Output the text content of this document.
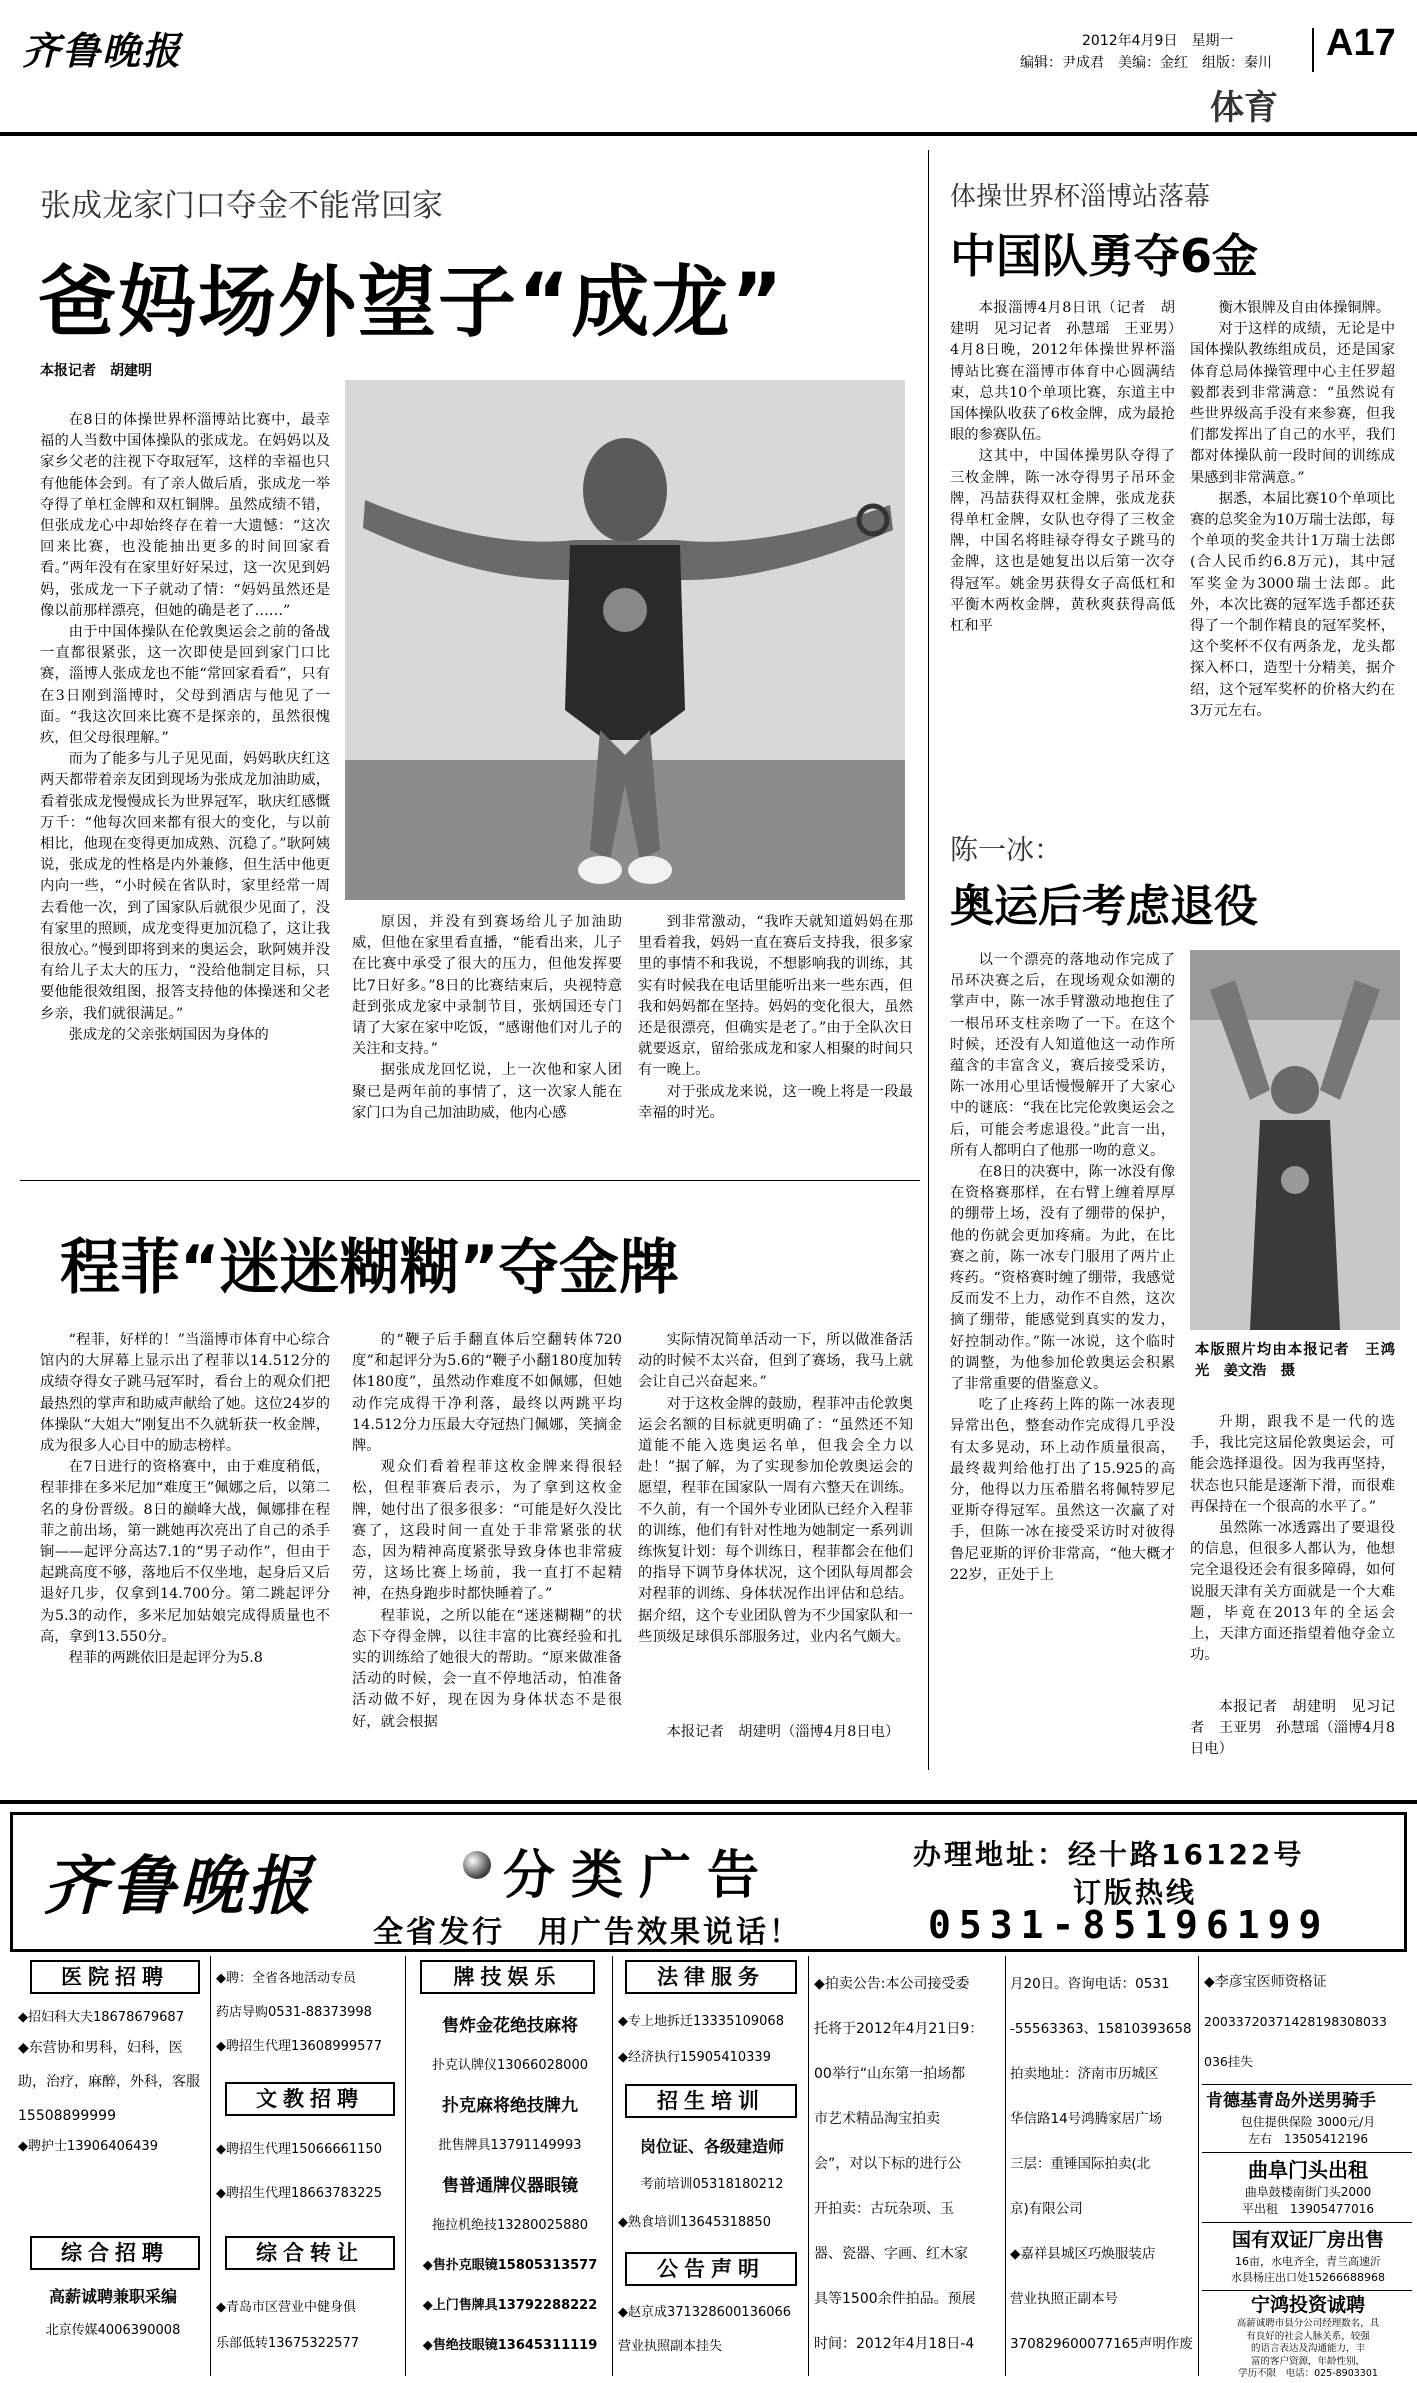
齐鲁晚报	2012年4月9日　星期一
编辑：尹成君　美编：金红　组版：秦川 A17
体育
张成龙家门口夺金不能常回家
爸妈场外望子“成龙”
本报记者　胡建明

在8日的体操世界杯淄博站比赛中，最幸福的人当数中国体操队的张成龙。在妈妈以及家乡父老的注视下夺取冠军，这样的幸福也只有他能体会到。有了亲人做后盾，张成龙一举夺得了单杠金牌和双杠铜牌。虽然成绩不错，但张成龙心中却始终存在着一大遗憾：“这次回来比赛，也没能抽出更多的时间回家看看。”两年没有在家里好好呆过，这一次见到妈妈，张成龙一下子就动了情：“妈妈虽然还是像以前那样漂亮，但她的确是老了……”

由于中国体操队在伦敦奥运会之前的备战一直都很紧张，这一次即使是回到家门口比赛，淄博人张成龙也不能“常回家看看”，只有在3日刚到淄博时，父母到酒店与他见了一面。“我这次回来比赛不是探亲的，虽然很愧疚，但父母很理解。”

而为了能多与儿子见见面，妈妈耿庆红这两天都带着亲友团到现场为张成龙加油助威，看着张成龙慢慢成长为世界冠军，耿庆红感慨万千：“他每次回来都有很大的变化，与以前相比，他现在变得更加成熟、沉稳了。”耿阿姨说，张成龙的性格是内外兼修，但生活中他更内向一些，“小时候在省队时，家里经常一周去看他一次，到了国家队后就很少见面了，没有家里的照顾，成龙变得更加沉稳了，这让我很放心。”慢到即将到来的奥运会，耿阿姨并没有给儿子太大的压力，“没给他制定目标，只要他能很效组图，报答支持他的体操迷和父老乡亲，我们就很满足。”

张成龙的父亲张炳国因为身体的

原因，并没有到赛场给儿子加油助威，但他在家里看直播，“能看出来，儿子在比赛中承受了很大的压力，但他发挥要比7日好多。”8日的比赛结束后，央视特意赶到张成龙家中录制节目，张炳国还专门请了大家在家中吃饭，“感谢他们对儿子的关注和支持。”

据张成龙回忆说，上一次他和家人团聚已是两年前的事情了，这一次家人能在家门口为自己加油助威，他内心感

到非常激动，“我昨天就知道妈妈在那里看着我，妈妈一直在赛后支持我，很多家里的事情不和我说，不想影响我的训练，其实有时候我在电话里能听出来一些东西，但我和妈妈都在坚持。妈妈的变化很大，虽然还是很漂亮，但确实是老了。”由于全队次日就要返京，留给张成龙和家人相聚的时间只有一晚上。

对于张成龙来说，这一晚上将是一段最幸福的时光。

体操世界杯淄博站落幕
中国队勇夺6金

本报淄博4月8日讯（记者　胡建明　见习记者　孙慧瑶　王亚男）4月8日晚，2012年体操世界杯淄博站比赛在淄博市体育中心圆满结束，总共10个单项比赛，东道主中国体操队收获了6枚金牌，成为最抢眼的参赛队伍。

这其中，中国体操男队夺得了三枚金牌，陈一冰夺得男子吊环金牌，冯喆获得双杠金牌，张成龙获得单杠金牌，女队也夺得了三枚金牌，中国名将眭禄夺得女子跳马的金牌，这也是她复出以后第一次夺得冠军。姚金男获得女子高低杠和平衡木两枚金牌，黄秋爽获得高低杠和平

衡木银牌及自由体操铜牌。

对于这样的成绩，无论是中国体操队教练组成员，还是国家体育总局体操管理中心主任罗超毅都表到非常满意：“虽然说有些世界级高手没有来参赛，但我们都发挥出了自己的水平，我们都对体操队前一段时间的训练成果感到非常满意。”

据悉，本届比赛10个单项比赛的总奖金为10万瑞士法郎，每个单项的奖金共计1万瑞士法郎(合人民币约6.8万元)，其中冠军奖金为3000瑞士法郎。此外，本次比赛的冠军选手都还获得了一个制作精良的冠军奖杯，这个奖杯不仅有两条龙，龙头都探入杯口，造型十分精美，据介绍，这个冠军奖杯的价格大约在3万元左右。

陈一冰：
奥运后考虑退役

以一个漂亮的落地动作完成了吊环决赛之后，在现场观众如潮的掌声中，陈一冰手臂激动地抱住了一根吊环支柱亲吻了一下。在这个时候，还没有人知道他这一动作所蕴含的丰富含义，赛后接受采访，陈一冰用心里话慢慢解开了大家心中的谜底：“我在比完伦敦奥运会之后，可能会考虑退役。”此言一出，所有人都明白了他那一吻的意义。

在8日的决赛中，陈一冰没有像在资格赛那样，在右臂上缠着厚厚的绷带上场，没有了绷带的保护，他的伤就会更加疼痛。为此，在比赛之前，陈一冰专门服用了两片止疼药。“资格赛时缠了绷带，我感觉反而发不上力，动作不自然，这次摘了绷带，能感觉到真实的发力，好控制动作。”陈一冰说，这个临时的调整，为他参加伦敦奥运会积累了非常重要的借鉴意义。

吃了止疼药上阵的陈一冰表现异常出色，整套动作完成得几乎没有太多晃动，环上动作质量很高，最终裁判给他打出了15.925的高分，他得以力压希腊名将佩特罗尼亚斯夺得冠军。虽然这一次赢了对手，但陈一冰在接受采访时对彼得鲁尼亚斯的评价非常高，“他大概才22岁，正处于上

本版照片均由本报记者　王鸿光　姜文浩　摄

升期，跟我不是一代的选手，我比完这届伦敦奥运会，可能会选择退役。因为我再坚持，状态也只能是逐渐下滑，而很难再保持在一个很高的水平了。”

虽然陈一冰透露出了要退役的信息，但很多人都认为，他想完全退役还会有很多障碍，如何说服天津有关方面就是一个大难题，毕竟在2013年的全运会上，天津方面还指望着他夺金立功。

本报记者　胡建明　见习记者　王亚男　孙慧瑶（淄博4月8日电）
程菲“迷迷糊糊”夺金牌

“程菲，好样的！”当淄博市体育中心综合馆内的大屏幕上显示出了程菲以14.512分的成绩夺得女子跳马冠军时，看台上的观众们把最热烈的掌声和助威声献给了她。这位24岁的体操队“大姐大”刚复出不久就斩获一枚金牌，成为很多人心目中的励志榜样。

在7日进行的资格赛中，由于难度稍低，程菲排在多米尼加“难度王”佩娜之后，以第二名的身份晋级。8日的巅峰大战，佩娜排在程菲之前出场，第一跳她再次亮出了自己的杀手锏——起评分高达7.1的“男子动作”，但由于起跳高度不够，落地后不仅坐地，起身后又后退好几步，仅拿到14.700分。第二跳起评分为5.3的动作，多米尼加姑娘完成得质量也不高，拿到13.550分。

程菲的两跳依旧是起评分为5.8

的“鞭子后手翻直体后空翻转体720度”和起评分为5.6的“鞭子小翻180度加转体180度”，虽然动作难度不如佩娜，但她动作完成得干净利落，最终以两跳平均14.512分力压最大夺冠热门佩娜，笑摘金牌。

观众们看着程菲这枚金牌来得很轻松，但程菲赛后表示，为了拿到这枚金牌，她付出了很多很多：“可能是好久没比赛了，这段时间一直处于非常紧张的状态，因为精神高度紧张导致身体也非常疲劳，这场比赛上场前，我一直打不起精神，在热身跑步时都快睡着了。”

程菲说，之所以能在“迷迷糊糊”的状态下夺得金牌，以往丰富的比赛经验和扎实的训练给了她很大的帮助。“原来做准备活动的时候，会一直不停地活动，怕准备活动做不好，现在因为身体状态不是很好，就会根据

实际情况简单活动一下，所以做准备活动的时候不太兴奋，但到了赛场，我马上就会让自己兴奋起来。”

对于这枚金牌的鼓励，程菲冲击伦敦奥运会名额的目标就更明确了：“虽然还不知道能不能入选奥运名单，但我会全力以赴！”据了解，为了实现参加伦敦奥运会的愿望，程菲在国家队一周有六整天在训练。不久前，有一个国外专业团队已经介入程菲的训练，他们有针对性地为她制定一系列训练恢复计划：每个训练日，程菲都会在他们的指导下调节身体状况，这个团队每周都会对程菲的训练、身体状况作出评估和总结。据介绍，这个专业团队曾为不少国家队和一些顶级足球俱乐部服务过，业内名气颇大。

本报记者　胡建明（淄博4月8日电）
齐鲁晚报	分类广告	办理地址：经十路16122号
订版热线
全省发行　用广告效果说话！	0531-85196199
医院招聘
◆招妇科大夫18678679687
◆东营协和男科，妇科，医助，治疗，麻醉，外科，客服15508899999
◆聘护士13906406439
综合招聘
高薪诚聘兼职采编
北京传媒4006390008
◆聘：全省各地活动专员
药店导购0531-88373998
◆聘招生代理13608999577
文教招聘
◆聘招生代理15066661150
◆聘招生代理18663783225
综合转让
◆青岛市区营业中健身俱
乐部低转13675322577
牌技娱乐
售炸金花绝技麻将
扑克认牌仪13066028000
扑克麻将绝技牌九
批售牌具13791149993
售普通牌仪器眼镜
拖拉机绝技13280025880
◆售扑克眼镜15805313577
◆上门售牌具13792288222
◆售绝技眼镜13645311119
法律服务
◆专上地拆迁13335109068
◆经济执行15905410339
招生培训
岗位证、各级建造师
考前培训05318180212
◆熟食培训13645318850
公告声明
◆赵京成371328600136066
营业执照副本挂失
◆拍卖公告:本公司接受委
托将于2012年4月21日9：
00举行“山东第一拍场都
市艺术精品淘宝拍卖
会”，对以下标的进行公
开拍卖：古玩杂项、玉
器、瓷器、字画、红木家
具等1500余件拍品。预展
时间：2012年4月18日-4
月20日。咨询电话：0531
-55563363、15810393658
拍卖地址：济南市历城区
华信路14号鸿腾家居广场
三层：重锤国际拍卖(北
京)有限公司
◆嘉祥县城区巧焕服装店
营业执照正副本号
370829600077165声明作废
◆李彦宝医师资格证
20033720371428198308033
036挂失
肯德基青岛外送男骑手
包住提供保险 3000元/月
左右　13505412196
曲阜门头出租
曲阜鼓楼南街门头2000
平出租　13905477016
国有双证厂房出售
16亩，水电齐全，青兰高速沂
水县杨庄出口处15266688968
宁鸿投资诚聘
高薪诚聘市县分公司经理数名，具
有良好的社会人脉关系，较强
的语言表达及沟通能力，丰
富的客户资源，年龄性别，
学历不限　电话：025-8903301
